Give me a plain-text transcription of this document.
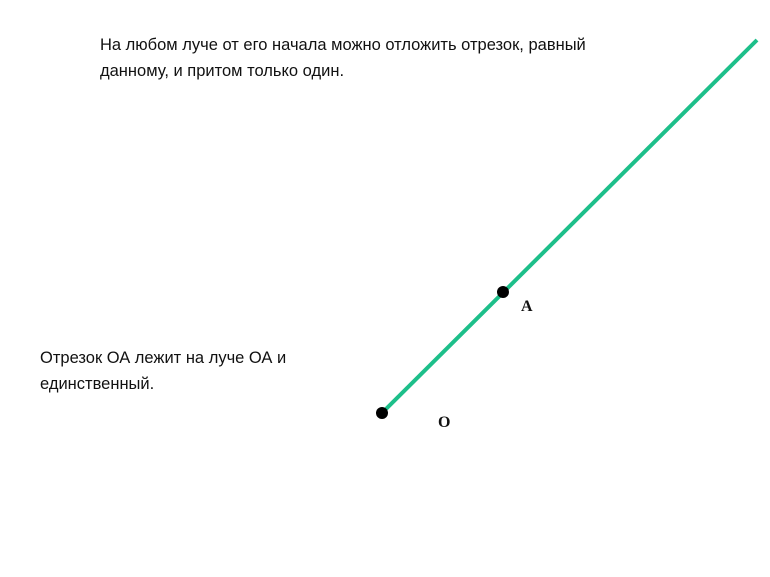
На любом луче от его начала можно отложить отрезок, равный
данному, и притом только один.
Отрезок ОА лежит на луче ОА и
единственный.
A
O
